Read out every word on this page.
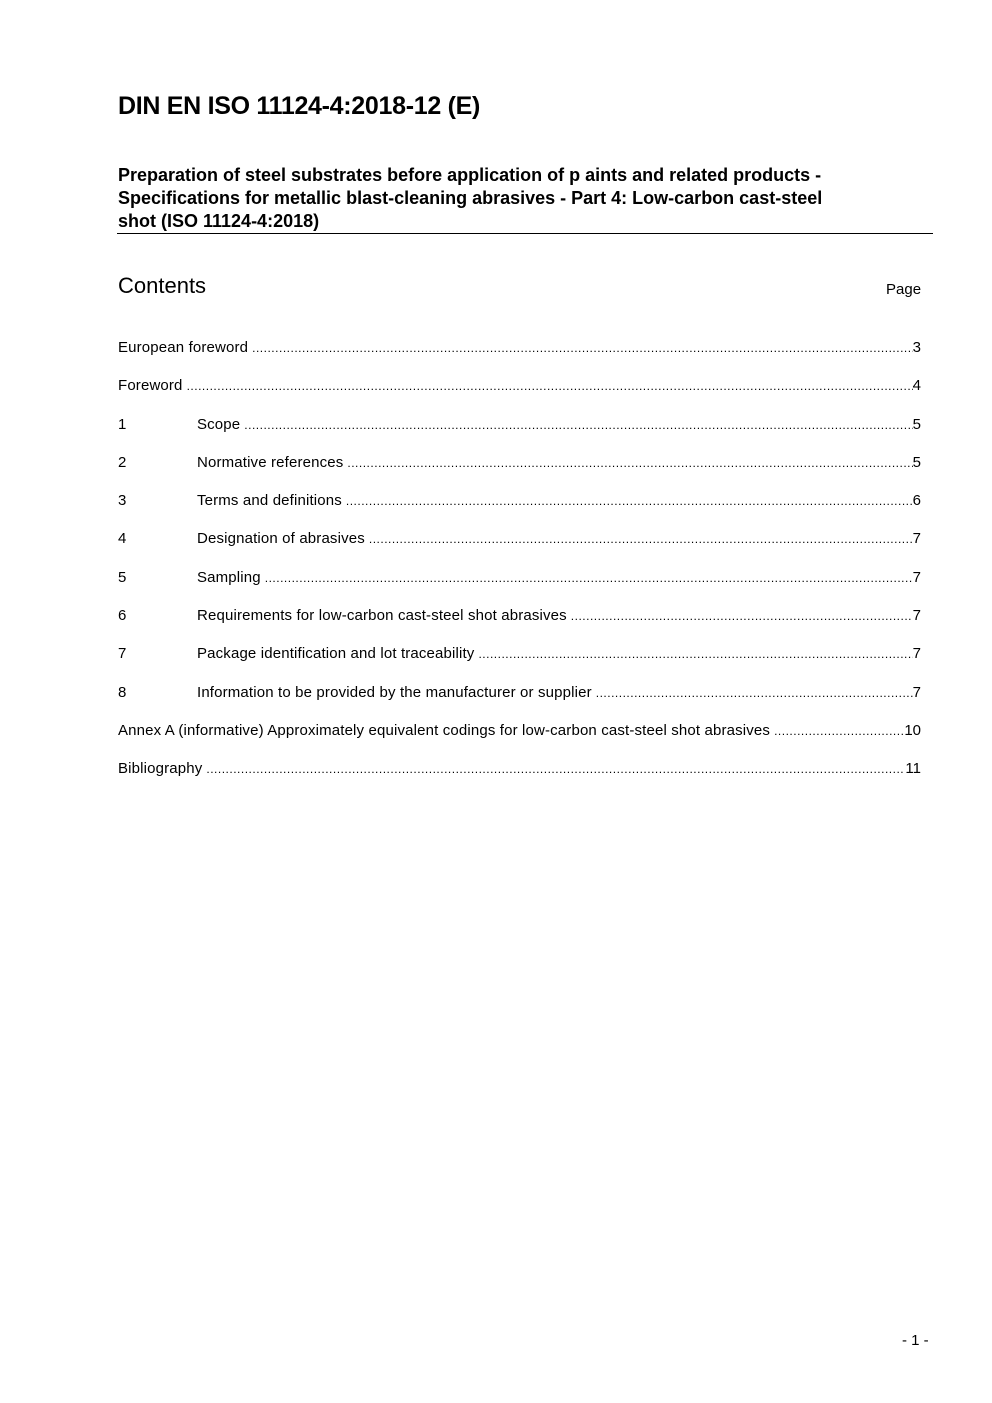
DIN EN ISO 11124-4:2018-12 (E)
Preparation of steel substrates before application of p aints and related products -
Specifications for metallic blast-cleaning abrasives - Part 4: Low-carbon cast-steel
shot (ISO 11124-4:2018)
Contents	Page
European foreword .....	3
Foreword .....	4
1	Scope .....	5
2	Normative references .....	5
3	Terms and definitions .....	6
4	Designation of abrasives .....	7
5	Sampling .....	7
6	Requirements for low-carbon cast-steel shot abrasives .....	7
7	Package identification and lot traceability .....	7
8	Information to be provided by the manufacturer or supplier .....	7
Annex A (informative) Approximately equivalent codings for low-carbon cast-steel shot abrasives .....	10
Bibliography .....	11
- 1 -
